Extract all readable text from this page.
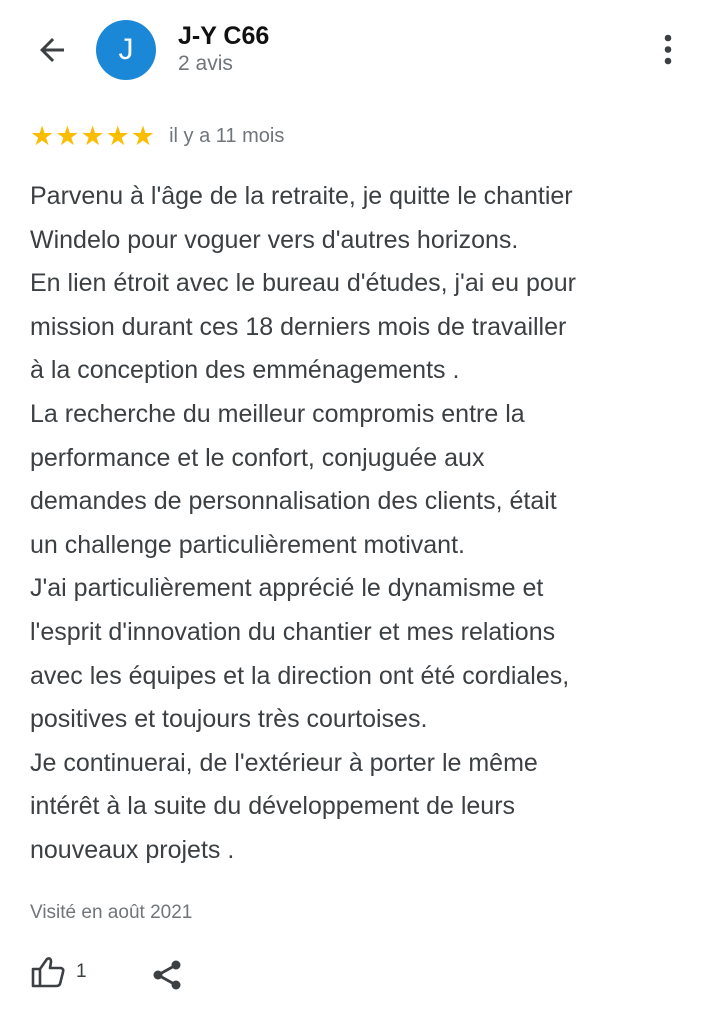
J J-Y C66
2 avis
★ ★ ★ ★ ★ il y a 11 mois
Parvenu à l'âge de la retraite, je quitte le chantier
Windelo pour voguer vers d'autres horizons.
En lien étroit avec le bureau d'études, j'ai eu pour
mission durant ces 18 derniers mois de travailler
à la conception des emménagements .
La recherche du meilleur compromis entre la
performance et le confort, conjuguée aux
demandes de personnalisation des clients, était
un challenge particulièrement motivant.
J'ai particulièrement apprécié le dynamisme et
l'esprit d'innovation du chantier et mes relations
avec les équipes et la direction ont été cordiales,
positives et toujours très courtoises.
Je continuerai, de l'extérieur à porter le même
intérêt à la suite du développement de leurs
nouveaux projets .
Visité en août 2021
1
